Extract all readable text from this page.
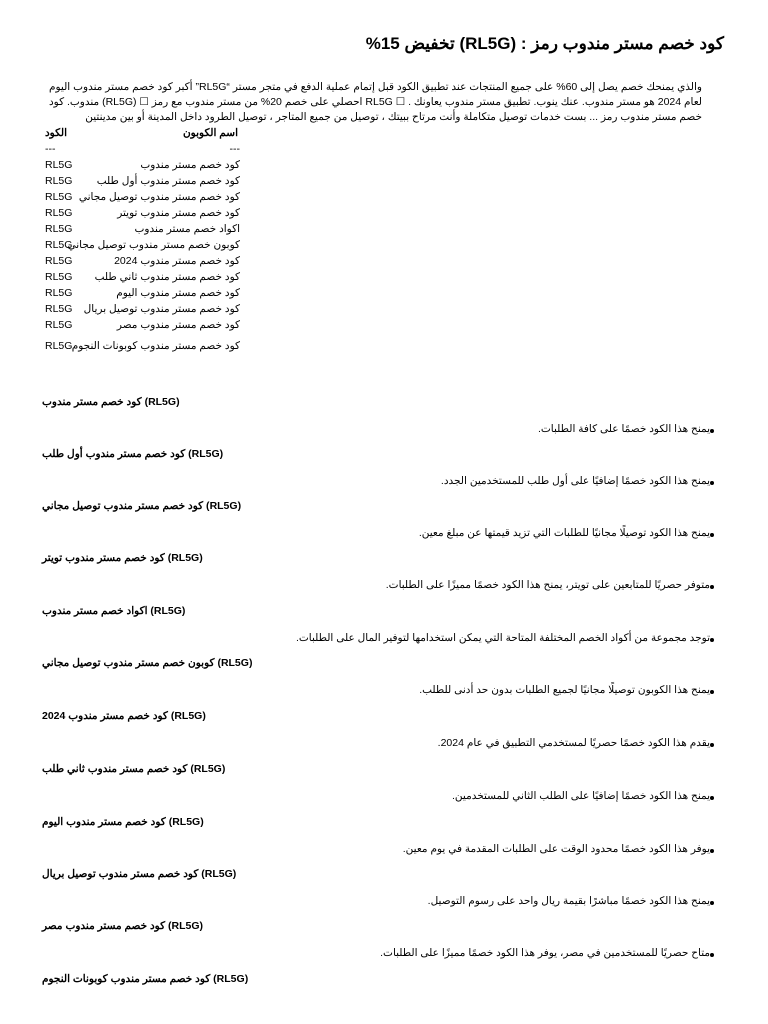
كود خصم مستر مندوب رمز : (RL5G) تخفيض 15%
والذي يمنحك خصم يصل إلى 60% على جميع المنتجات عند تطبيق الكود قبل إتمام عملية الدفع في متجر مستر “RL5G” أكبر كود خصم مستر مندوب اليوم لعام 2024 هو مستر مندوب. عنك ينوب. تطبيق مستر مندوب يعاونك . ☐ RL5G احصلي على خصم 20% من مستر مندوب مع رمز ☐ (RL5G) مندوب. كود خصم مستر مندوب رمز ... بست خدمات توصيل متكاملة وأنت مرتاح ببيتك ، توصيل من جميع المتاجر ، توصيل الطرود داخل المدينة أو بين مدينتين
اسم الكوبون
الكود
---
---
كود خصم مستر مندوب
RL5G
كود خصم مستر مندوب أول طلب
RL5G
كود خصم مستر مندوب توصيل مجاني
RL5G
كود خصم مستر مندوب تويتر
RL5G
اكواد خصم مستر مندوب
RL5G
كوبون خصم مستر مندوب توصيل مجاني
RL5G
كود خصم مستر مندوب 2024
RL5G
كود خصم مستر مندوب ثاني طلب
RL5G
كود خصم مستر مندوب اليوم
RL5G
كود خصم مستر مندوب توصيل بريال
RL5G
كود خصم مستر مندوب مصر
RL5G
كود خصم مستر مندوب كوبونات النجوم
RL5G
(RL5G) كود خصم مستر مندوب
يمنح هذا الكود خصمًا على كافة الطلبات.
(RL5G) كود خصم مستر مندوب أول طلب
يمنح هذا الكود خصمًا إضافيًا على أول طلب للمستخدمين الجدد.
(RL5G) كود خصم مستر مندوب توصيل مجاني
يمنح هذا الكود توصيلًا مجانيًا للطلبات التي تزيد قيمتها عن مبلغ معين.
(RL5G) كود خصم مستر مندوب تويتر
متوفر حصريًا للمتابعين على تويتر، يمنح هذا الكود خصمًا مميزًا على الطلبات.
(RL5G) اكواد خصم مستر مندوب
توجد مجموعة من أكواد الخصم المختلفة المتاحة التي يمكن استخدامها لتوفير المال على الطلبات.
(RL5G) كوبون خصم مستر مندوب توصيل مجاني
يمنح هذا الكوبون توصيلًا مجانيًا لجميع الطلبات بدون حد أدنى للطلب.
(RL5G) كود خصم مستر مندوب 2024
يقدم هذا الكود خصمًا حصريًا لمستخدمي التطبيق في عام 2024.
(RL5G) كود خصم مستر مندوب ثاني طلب
يمنح هذا الكود خصمًا إضافيًا على الطلب الثاني للمستخدمين.
(RL5G) كود خصم مستر مندوب اليوم
يوفر هذا الكود خصمًا محدود الوقت على الطلبات المقدمة في يوم معين.
(RL5G) كود خصم مستر مندوب توصيل بريال
يمنح هذا الكود خصمًا مباشرًا بقيمة ريال واحد على رسوم التوصيل.
(RL5G) كود خصم مستر مندوب مصر
متاح حصريًا للمستخدمين في مصر، يوفر هذا الكود خصمًا مميزًا على الطلبات.
(RL5G) كود خصم مستر مندوب كوبونات النجوم
